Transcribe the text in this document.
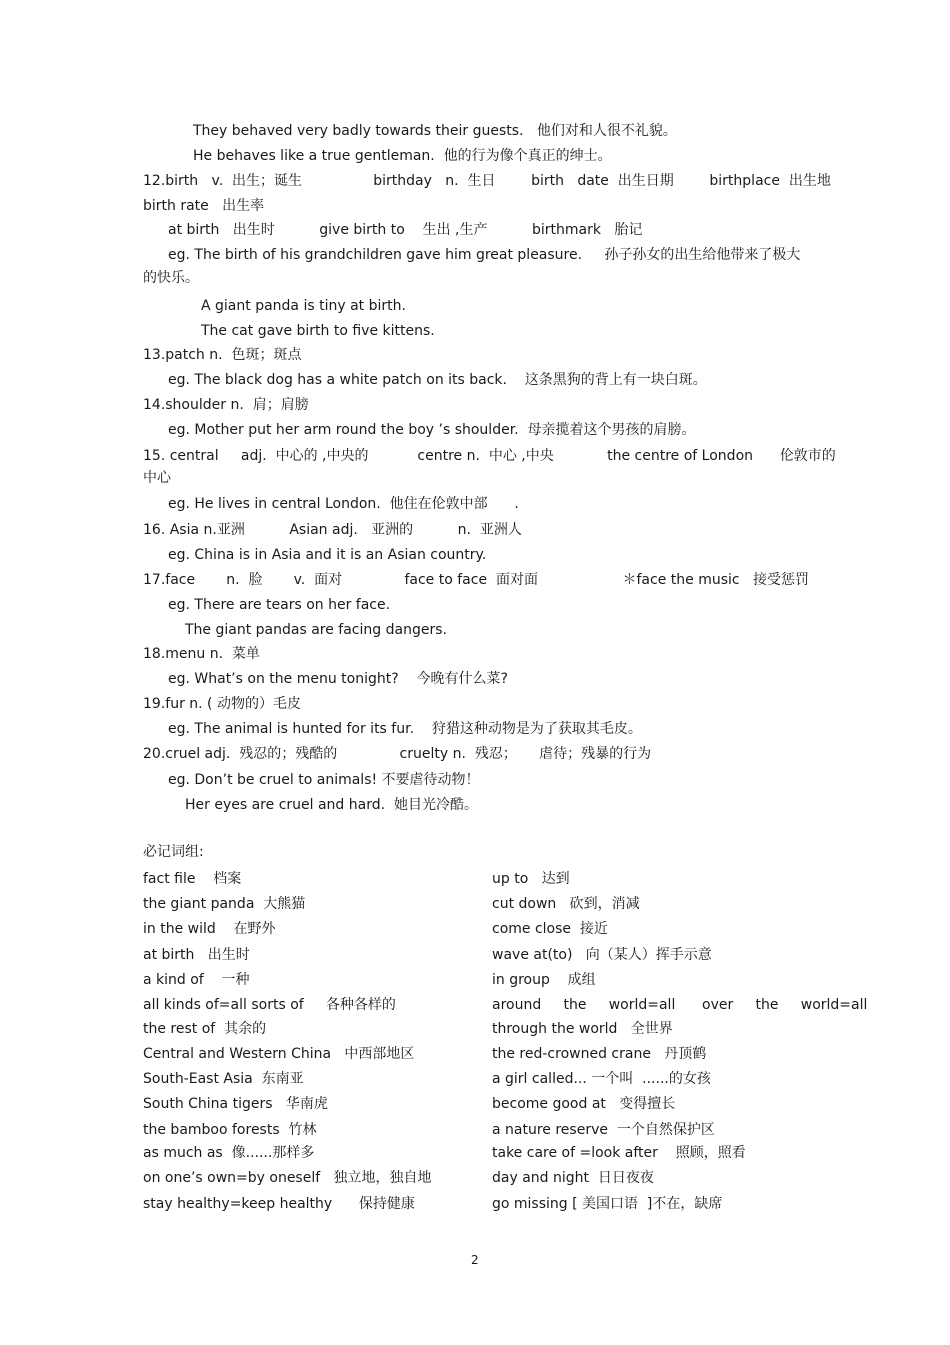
They behaved very badly towards their guests.   他们对和人很不礼貌。
He behaves like a true gentleman.  他的行为像个真正的绅士。
12.birth   v.  出生；诞生                birthday   n.  生日        birth   date  出生日期        birthplace  出生地
birth rate   出生率
at birth   出生时          give birth to    生出 ,生产          birthmark   胎记
eg. The birth of his grandchildren gave him great pleasure.     孙子孙女的出生给他带来了极大
的快乐。
A giant panda is tiny at birth.
The cat gave birth to five kittens.
13.patch n.  色斑；斑点
eg. The black dog has a white patch on its back.    这条黑狗的背上有一块白斑。
14.shoulder n.  肩；肩膀
eg. Mother put her arm round the boy ’s shoulder.  母亲揽着这个男孩的肩膀。
15. central     adj.  中心的 ,中央的           centre n.  中心 ,中央            the centre of London      伦敦市的
中心
eg. He lives in central London.  他住在伦敦中部      .
16. Asia n.亚洲          Asian adj.   亚洲的          n.  亚洲人
eg. China is in Asia and it is an Asian country.
17.face       n.  脸       v.  面对              face to face  面对面                   ＊face the music   接受惩罚
eg. There are tears on her face.
The giant pandas are facing dangers.
18.menu n.  菜单
eg. What’s on the menu tonight?    今晚有什么菜?
19.fur n. ( 动物的）毛皮
eg. The animal is hunted for its fur.    狩猎这种动物是为了获取其毛皮。
20.cruel adj.  残忍的；残酷的              cruelty n.  残忍；     虐待；残暴的行为
eg. Don’t be cruel to animals! 不要虐待动物！
Her eyes are cruel and hard.  她目光冷酷。
必记词组:
fact file    档案
the giant panda  大熊猫
in the wild    在野外
at birth   出生时
a kind of    一种
all kinds of=all sorts of     各种各样的
the rest of  其余的
Central and Western China   中西部地区
South-East Asia  东南亚
South China tigers   华南虎
the bamboo forests  竹林
as much as  像......那样多
on one’s own=by oneself   独立地，独自地
stay healthy=keep healthy      保持健康
up to   达到
cut down   砍到，消减
come close  接近
wave at(to)   向（某人）挥手示意
in group    成组
around     the     world=all      over     the     world=all
through the world   全世界
the red-crowned crane   丹顶鹤
a girl called... 一个叫  ......的女孩
become good at   变得擅长
a nature reserve  一个自然保护区
take care of =look after    照顾，照看
day and night  日日夜夜
go missing [ 美国口语  ]不在，缺席
2
